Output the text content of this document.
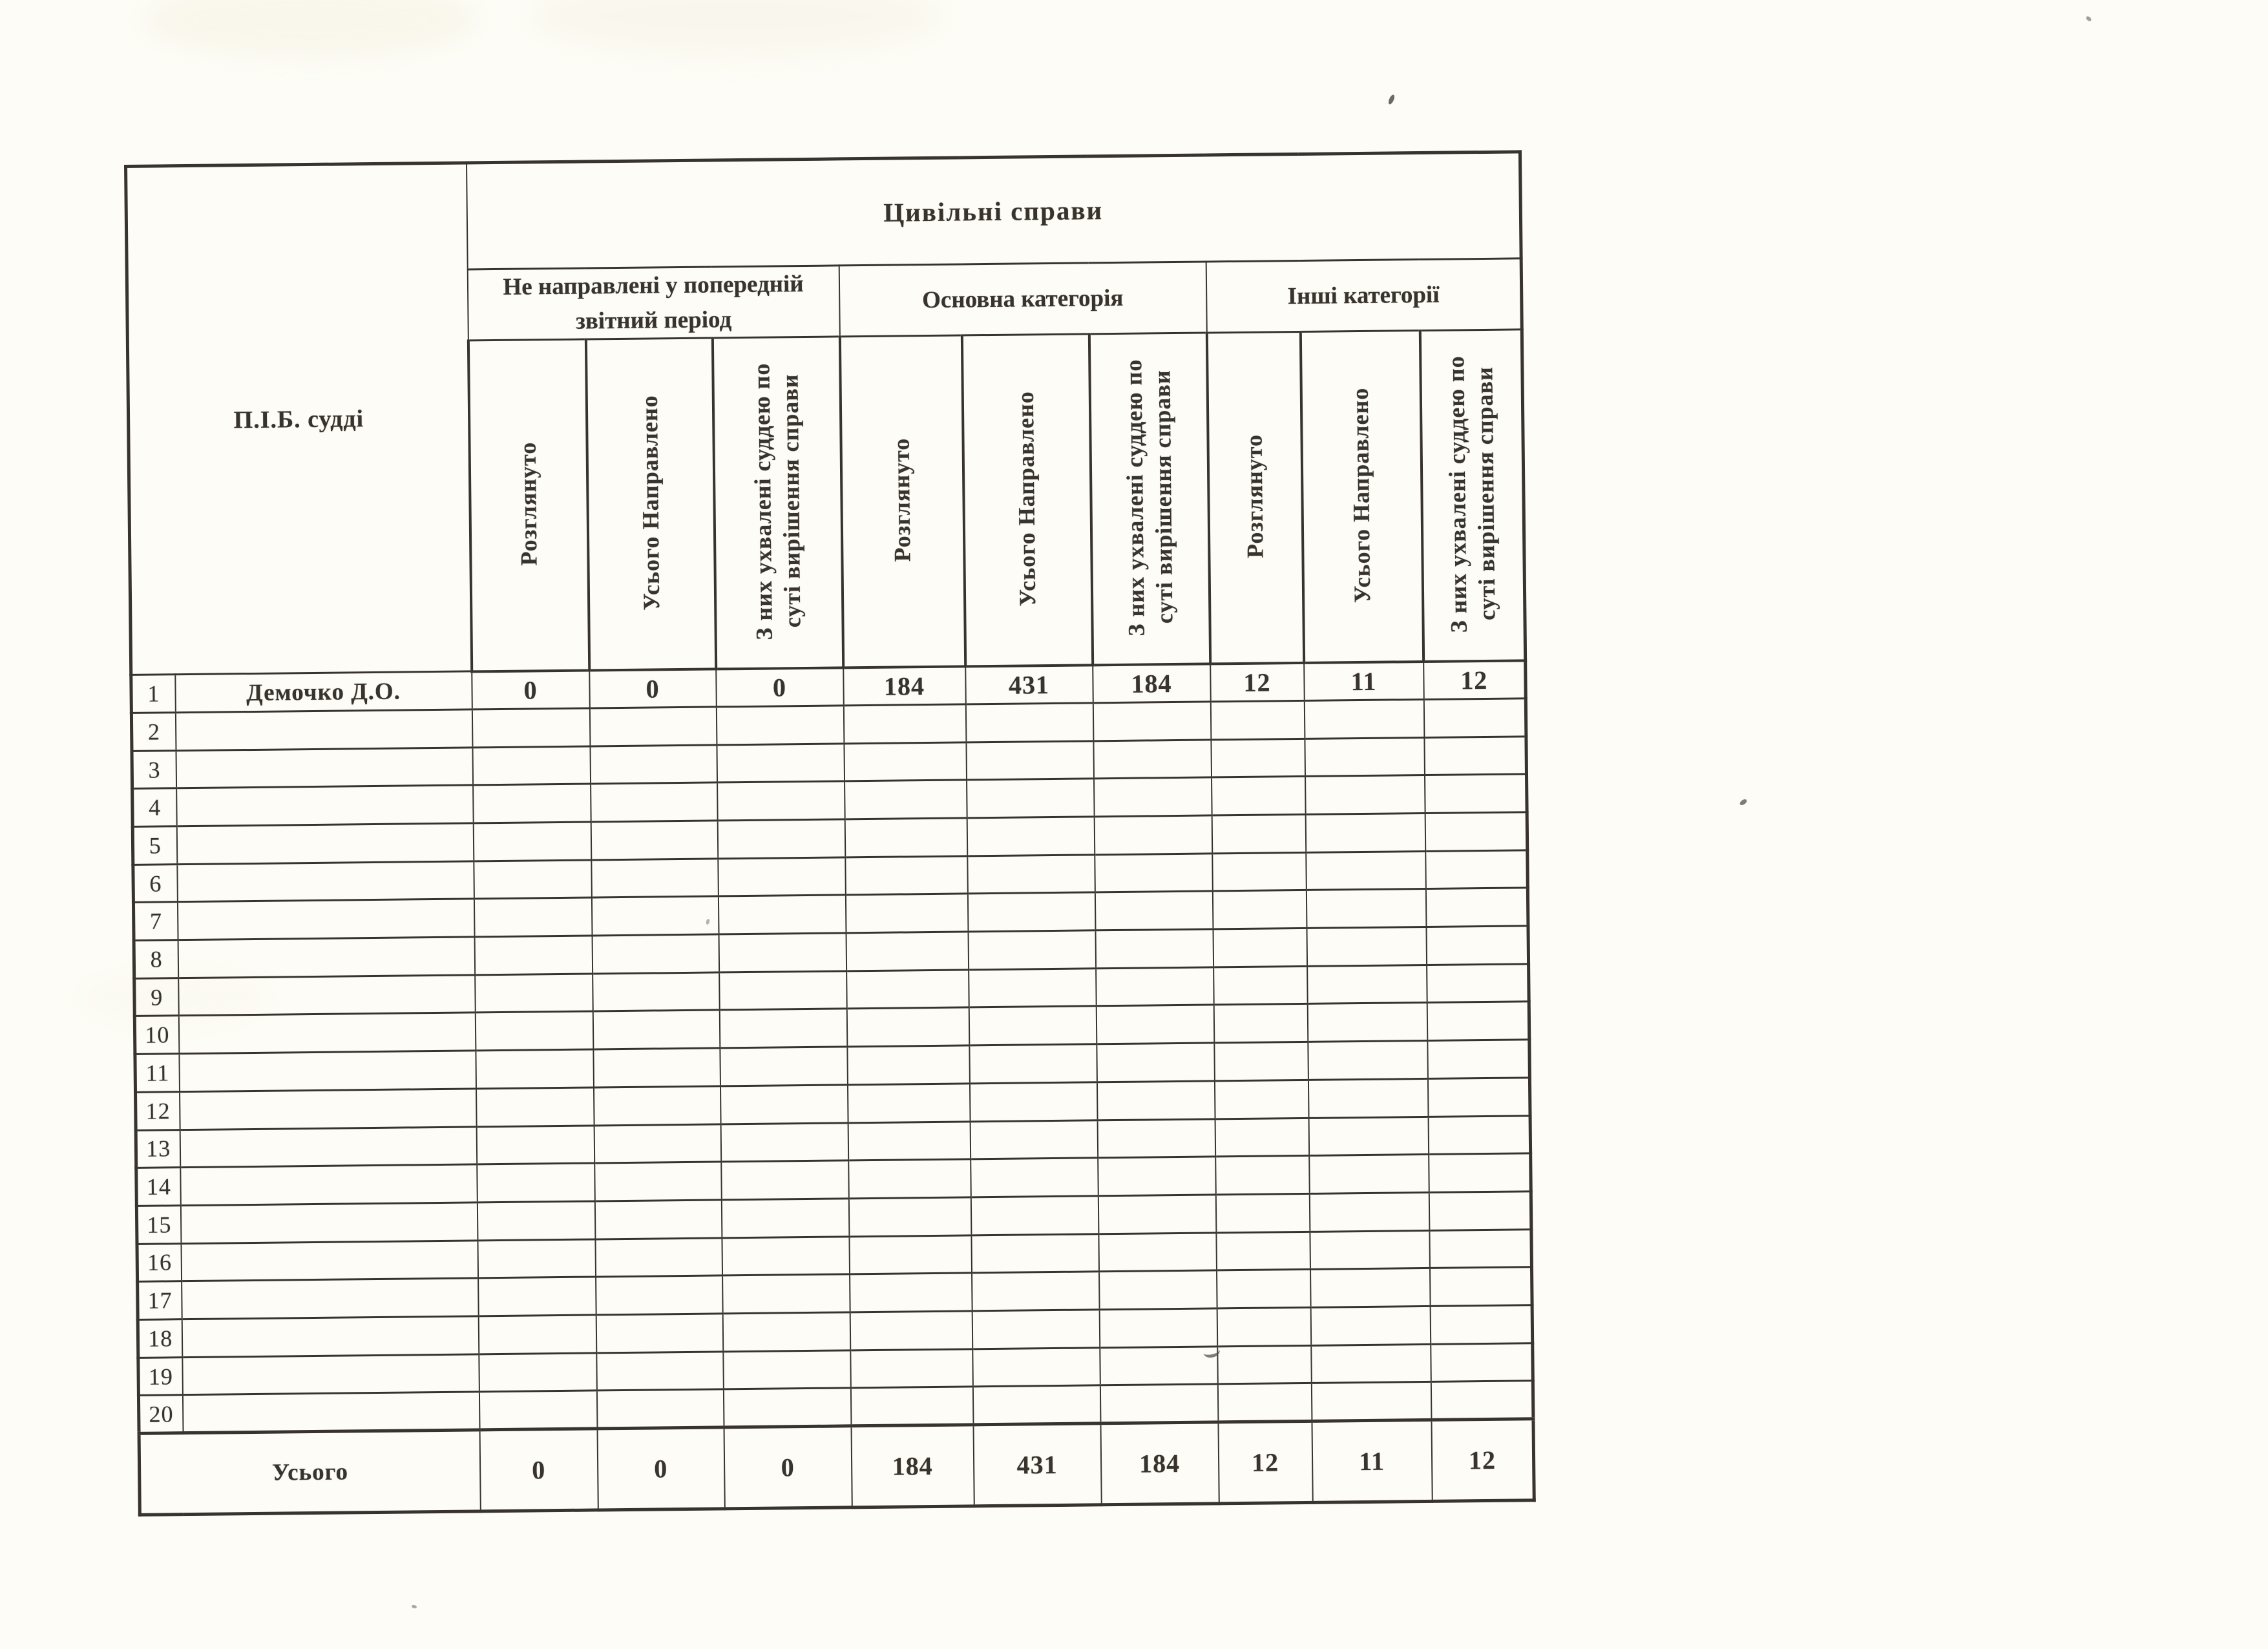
П.І.Б. судді		Цивільні справи								
		Не направлені у попередній звітний період			Основна категорія			Інші категорії		
		Розглянуто	Усього Направлено	З них ухвалені суддею по суті вирішення справи	Розглянуто	Усього Направлено	З них ухвалені суддею по суті вирішення справи	Розглянуто	Усього Направлено	З них ухвалені суддею по суті вирішення справи
1	Демочко Д.О.	0	0	0	184	431	184	12	11	12
2										
3										
4										
5										
6										
7										
8										
9										
10										
11										
12										
13										
14										
15										
16										
17										
18										
19										
20										
Усього		0	0	0	184	431	184	12	11	12
